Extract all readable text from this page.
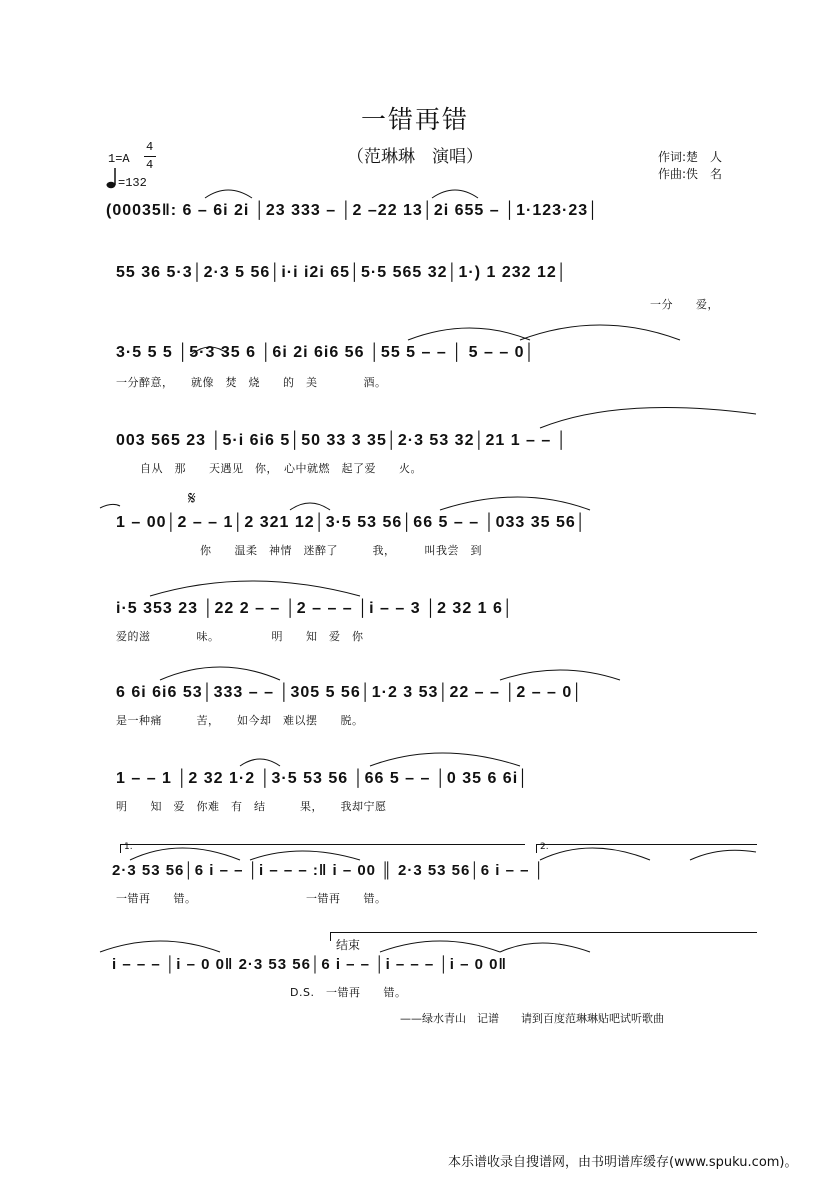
一错再错
（范琳琳　演唱）
1=A
4
4
=132
作词:楚　人
作曲:佚　名
(00035‖: 6 – 6i 2i │23 333 – │2 –22 13│2i 655 – │1·123·23│
55 36 5·3│2·3 5 56│i·i i2i 65│5·5 565 32│1·) 1 232 12│
一分　　爱，
3·5 5 5 │5·3 35 6 │6i 2i 6i6 56 │55 5 – – │ 5 – – 0│
一分醉意，　　就像　焚　烧　　的　美　　　　酒。
003 565 23 │5·i 6i6 5│50 33 3 35│2·3 53 32│21 1 – – │
自从　那　　天遇见　你，　心中就燃　起了爱　　火。
𝄋
1 – 00│2 – – 1│2 321 12│3·5 53 56│66 5 – – │033 35 56│
你　　温柔　神情　迷醉了　　　我，　　　叫我尝　到
i·5 353 23 │22 2 – – │2 – – – │i – – 3 │2 32 1 6│
爱的滋　　　　味。　　　　　明　　知　爱　你
6 6i 6i6 53│333 – – │305 5 56│1·2 3 53│22 – – │2 – – 0│
是一种痛　　　苦，　　如今却　难以摆　　脱。
1 – – 1 │2 32 1·2 │3·5 53 56 │66 5 – – │0 35 6 6i│
明　　知　爱　你难　有　结　　　果，　　我却宁愿
1.	2.
2·3 53 56│6 i – – │i – – – :‖ i – 00 ║ 2·3 53 56│6 i – – │
一错再　　错。　　　　　　　　　　一错再　　错。
结束
i – – – │i – 0 0‖ 2·3 53 56│6 i – – │i – – – │i – 0 0‖
D.S.　一错再　　错。
——绿水青山　记谱　　请到百度范琳琳贴吧试听歌曲
本乐谱收录自搜谱网，由书明谱库缓存(www.spuku.com)。
